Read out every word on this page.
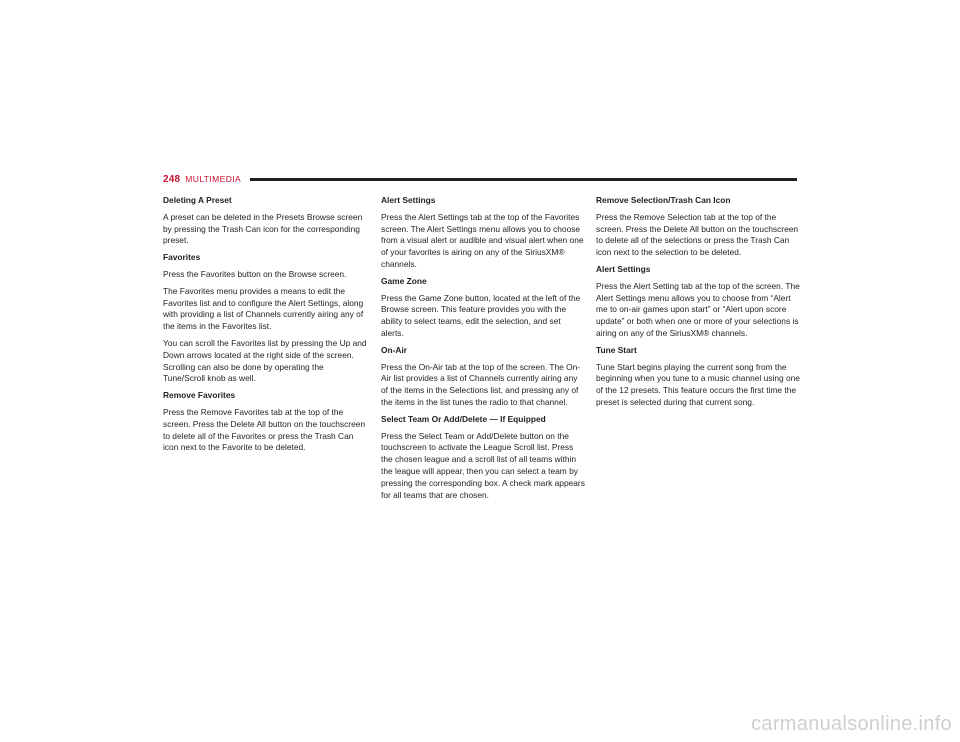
248 MULTIMEDIA
Deleting A Preset

A preset can be deleted in the Presets Browse screen by pressing the Trash Can icon for the corresponding preset.

Favorites

Press the Favorites button on the Browse screen.

The Favorites menu provides a means to edit the Favorites list and to configure the Alert Settings, along with providing a list of Channels currently airing any of the items in the Favorites list.

You can scroll the Favorites list by pressing the Up and Down arrows located at the right side of the screen. Scrolling can also be done by operating the Tune/Scroll knob as well.

Remove Favorites

Press the Remove Favorites tab at the top of the screen. Press the Delete All button on the touchscreen to delete all of the Favorites or press the Trash Can icon next to the Favorite to be deleted.

Alert Settings

Press the Alert Settings tab at the top of the Favorites screen. The Alert Settings menu allows you to choose from a visual alert or audible and visual alert when one of your favorites is airing on any of the SiriusXM® channels.

Game Zone

Press the Game Zone button, located at the left of the Browse screen. This feature provides you with the ability to select teams, edit the selection, and set alerts.

On-Air

Press the On-Air tab at the top of the screen. The On-Air list provides a list of Channels currently airing any of the items in the Selections list, and pressing any of the items in the list tunes the radio to that channel.

Select Team Or Add/Delete — If Equipped

Press the Select Team or Add/Delete button on the touchscreen to activate the League Scroll list. Press the chosen league and a scroll list of all teams within the league will appear, then you can select a team by pressing the corresponding box. A check mark appears for all teams that are chosen.

Remove Selection/Trash Can Icon

Press the Remove Selection tab at the top of the screen. Press the Delete All button on the touchscreen to delete all of the selections or press the Trash Can icon next to the selection to be deleted.

Alert Settings

Press the Alert Setting tab at the top of the screen. The Alert Settings menu allows you to choose from “Alert me to on-air games upon start” or “Alert upon score update” or both when one or more of your selections is airing on any of the SiriusXM® channels.

Tune Start

Tune Start begins playing the current song from the beginning when you tune to a music channel using one of the 12 presets. This feature occurs the first time the preset is selected during that current song.

carmanualsonline.info
